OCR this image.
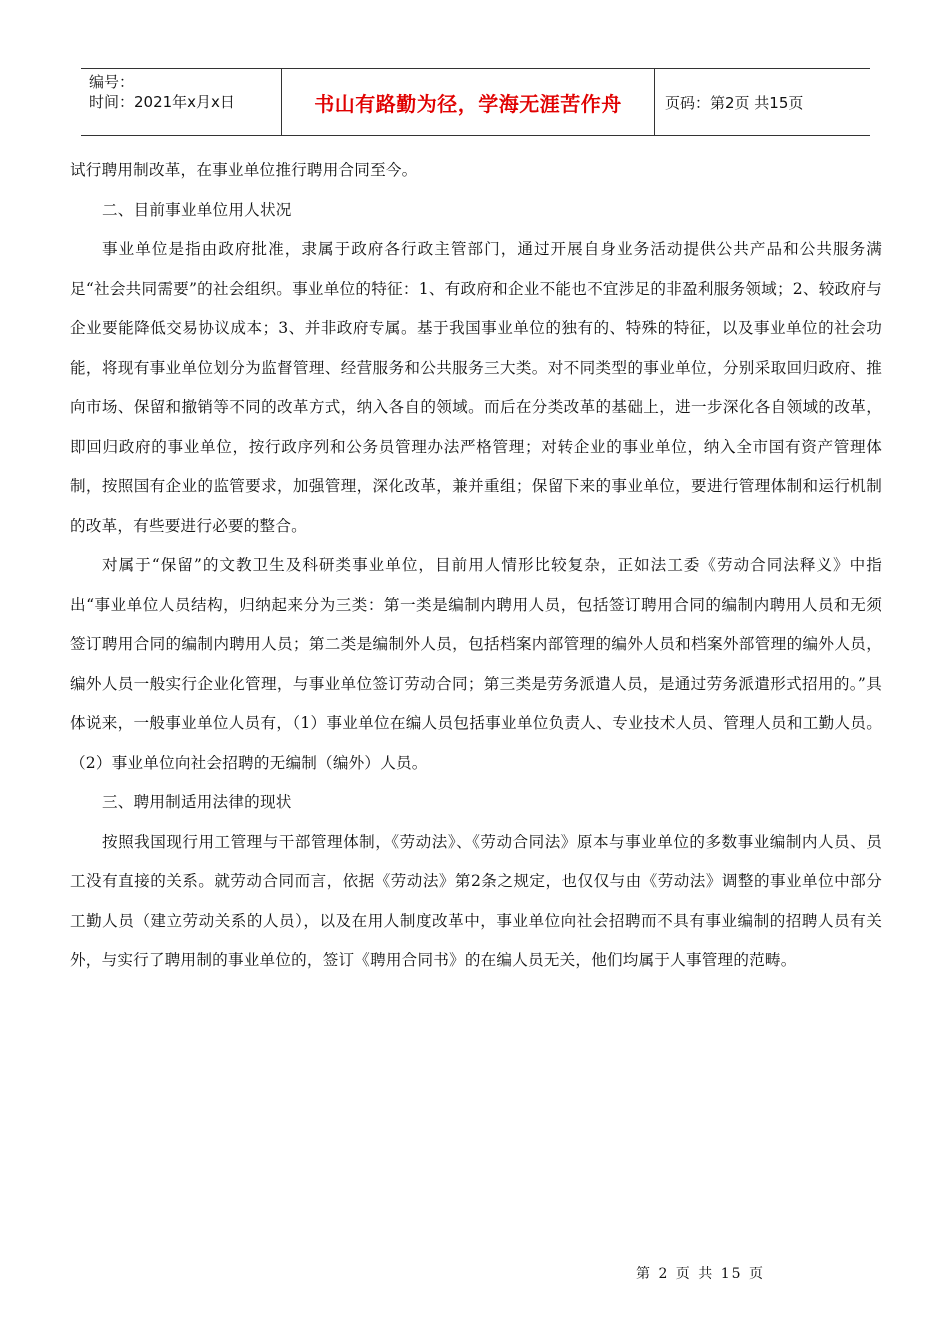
编号：
时间：2021年x月x日	书山有路勤为径，学海无涯苦作舟	页码：第2页 共15页

试行聘用制改革，在事业单位推行聘用合同至今。

二、目前事业单位用人状况

事业单位是指由政府批准，隶属于政府各行政主管部门，通过开展自身业务活动提供公共产品和公共服务满足“社会共同需要”的社会组织。事业单位的特征：1、有政府和企业不能也不宜涉足的非盈利服务领域；2、较政府与企业要能降低交易协议成本；3、并非政府专属。基于我国事业单位的独有的、特殊的特征，以及事业单位的社会功能，将现有事业单位划分为监督管理、经营服务和公共服务三大类。对不同类型的事业单位，分别采取回归政府、推向市场、保留和撤销等不同的改革方式，纳入各自的领域。而后在分类改革的基础上，进一步深化各自领域的改革，即回归政府的事业单位，按行政序列和公务员管理办法严格管理；对转企业的事业单位，纳入全市国有资产管理体制，按照国有企业的监管要求，加强管理，深化改革，兼并重组；保留下来的事业单位，要进行管理体制和运行机制的改革，有些要进行必要的整合。

对属于“保留”的文教卫生及科研类事业单位，目前用人情形比较复杂，正如法工委《劳动合同法释义》中指出“事业单位人员结构，归纳起来分为三类：第一类是编制内聘用人员，包括签订聘用合同的编制内聘用人员和无须签订聘用合同的编制内聘用人员；第二类是编制外人员，包括档案内部管理的编外人员和档案外部管理的编外人员，编外人员一般实行企业化管理，与事业单位签订劳动合同；第三类是劳务派遣人员，是通过劳务派遣形式招用的。”具体说来，一般事业单位人员有，（1）事业单位在编人员包括事业单位负责人、专业技术人员、管理人员和工勤人员。（2）事业单位向社会招聘的无编制（编外）人员。

三、聘用制适用法律的现状

按照我国现行用工管理与干部管理体制，《劳动法》、《劳动合同法》原本与事业单位的多数事业编制内人员、员工没有直接的关系。就劳动合同而言，依据《劳动法》第2条之规定，也仅仅与由《劳动法》调整的事业单位中部分工勤人员（建立劳动关系的人员），以及在用人制度改革中，事业单位向社会招聘而不具有事业编制的招聘人员有关外，与实行了聘用制的事业单位的，签订《聘用合同书》的在编人员无关，他们均属于人事管理的范畴。

第 2 页 共 15 页
